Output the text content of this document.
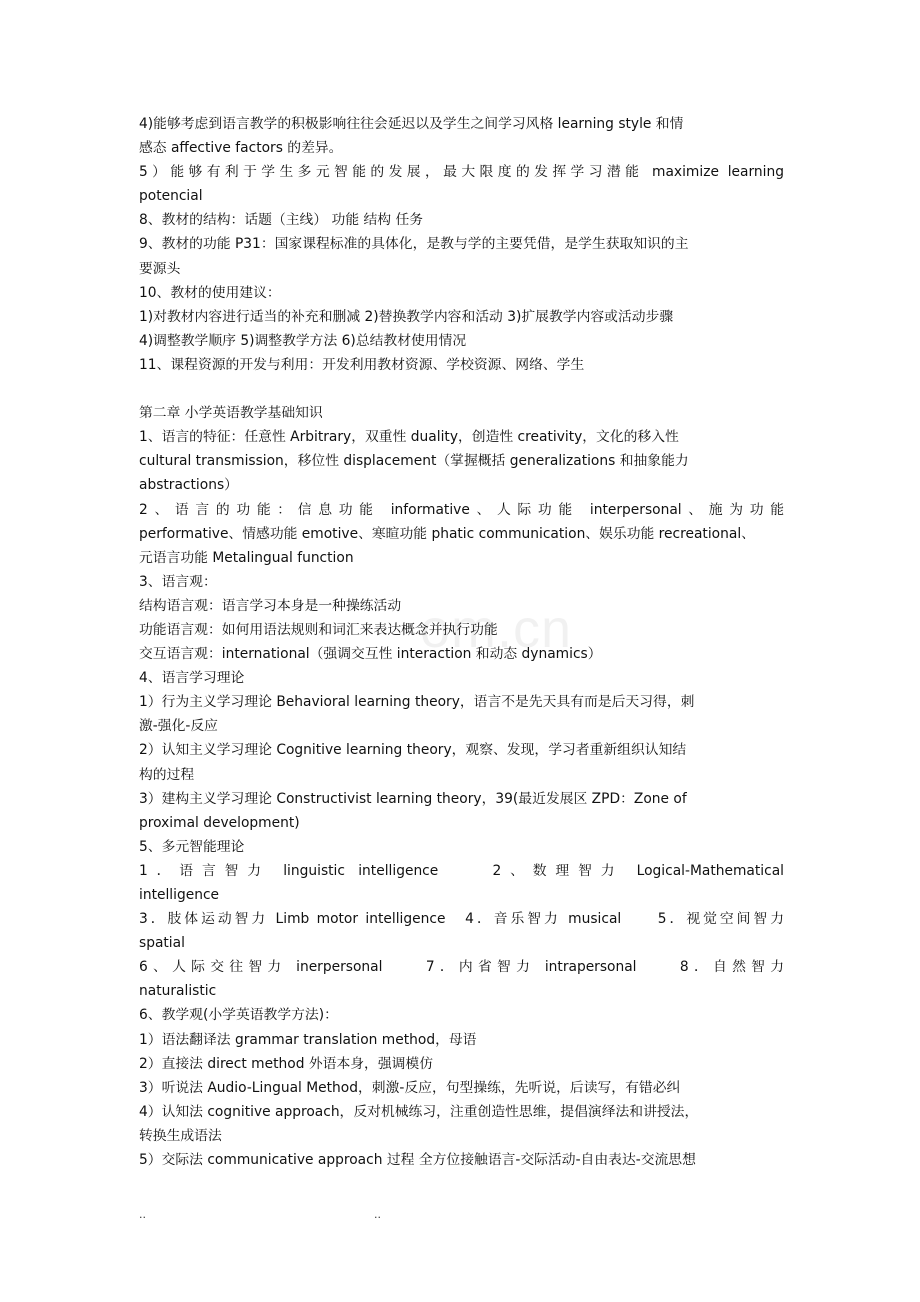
4)能够考虑到语言教学的积极影响往往会延迟以及学生之间学习风格 learning style 和情
感态 affective factors 的差异。
5）能够有利于学生多元智能的发展，最大限度的发挥学习潜能 maximize learning
potencial
8、教材的结构：话题（主线） 功能 结构 任务
9、教材的功能 P31：国家课程标准的具体化，是教与学的主要凭借，是学生获取知识的主
要源头
10、教材的使用建议：
1)对教材内容进行适当的补充和删减 2)替换教学内容和活动 3)扩展教学内容或活动步骤
4)调整教学顺序 5)调整教学方法 6)总结教材使用情况
11、课程资源的开发与利用：开发利用教材资源、学校资源、网络、学生
第二章 小学英语教学基础知识
1、语言的特征：任意性 Arbitrary，双重性 duality，创造性 creativity，文化的移入性
cultural transmission，移位性 displacement（掌握概括 generalizations 和抽象能力
abstractions）
2、语言的功能：信息功能 informative、人际功能 interpersonal、施为功能
performative、情感功能 emotive、寒暄功能 phatic communication、娱乐功能 recreational、
元语言功能 Metalingual function
3、语言观：
结构语言观：语言学习本身是一种操练活动
功能语言观：如何用语法规则和词汇来表达概念并执行功能
交互语言观：international（强调交互性 interaction 和动态 dynamics）
4、语言学习理论
1）行为主义学习理论 Behavioral learning theory，语言不是先天具有而是后天习得，刺
激-强化-反应
2）认知主义学习理论 Cognitive learning theory，观察、发现，学习者重新组织认知结
构的过程
3）建构主义学习理论 Constructivist learning theory，39(最近发展区 ZPD：Zone of
proximal development)
5、多元智能理论
1．语言智力 linguistic intelligence　　2、数理智力 Logical-Mathematical
intelligence
3．肢体运动智力 Limb motor intelligence　4．音乐智力 musical　　5．视觉空间智力
spatial
6、人际交往智力 inerpersonal　　7．内省智力 intrapersonal　　8．自然智力
naturalistic
6、教学观(小学英语教学方法)：
1）语法翻译法 grammar translation method，母语
2）直接法 direct method 外语本身，强调模仿
3）听说法 Audio-Lingual Method，刺激-反应，句型操练，先听说，后读写，有错必纠
4）认知法 cognitive approach，反对机械练习，注重创造性思维，提倡演绎法和讲授法，
转换生成语法
5）交际法 communicative approach 过程 全方位接触语言-交际活动-自由表达-交流思想
om.cn
..	..
